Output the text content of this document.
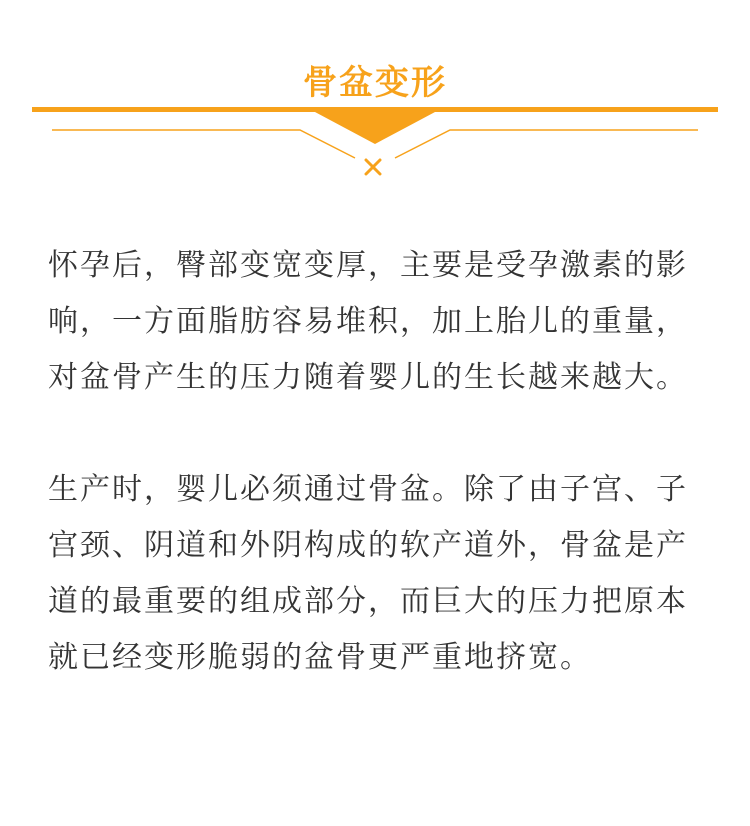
骨盆变形

怀孕后，臀部变宽变厚，主要是受孕激素的影响，一方面脂肪容易堆积，加上胎儿的重量，对盆骨产生的压力随着婴儿的生长越来越大。

生产时，婴儿必须通过骨盆。除了由子宫、子宫颈、阴道和外阴构成的软产道外，骨盆是产道的最重要的组成部分，而巨大的压力把原本就已经变形脆弱的盆骨更严重地挤宽。
